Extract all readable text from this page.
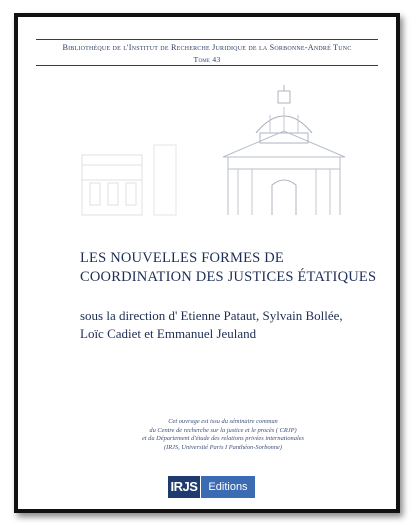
Bibliothèque de l'Institut de Recherche Juridique de la Sorbonne-André Tunc
Tome 43
LES NOUVELLES FORMES DE
COORDINATION DES JUSTICES ÉTATIQUES
sous la direction d' Etienne Pataut, Sylvain Bollée,
Loïc Cadiet et Emmanuel Jeuland
Cet ouvrage est issu du séminaire commun
du Centre de recherche sur la justice et le procès ( CRJP)
et du Département d'étude des relations privées internationales
(IRJS, Université Paris I Panthéon-Sorbonne)
IRJS Editions
